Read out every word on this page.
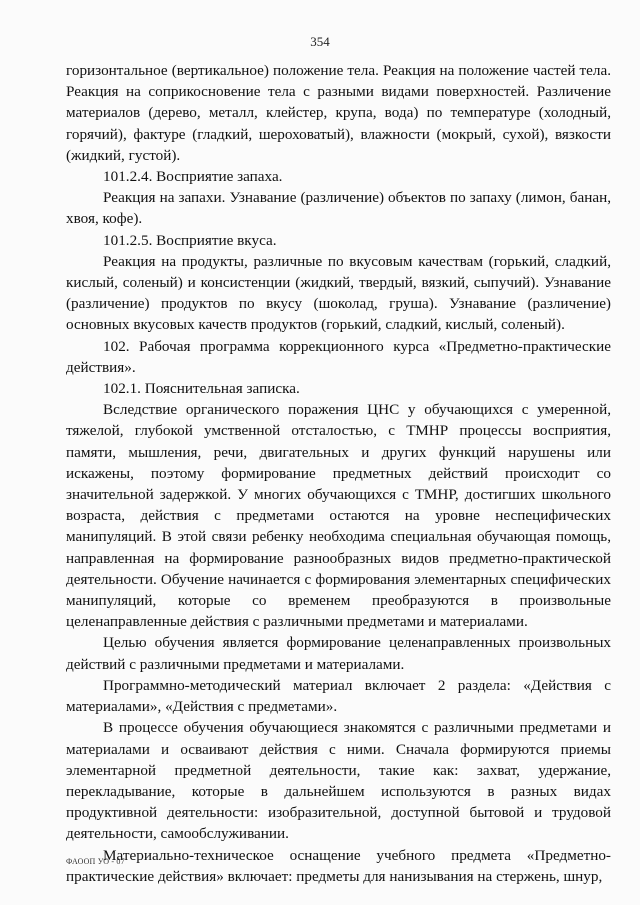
354

горизонтальное (вертикальное) положение тела. Реакция на положение частей тела. Реакция на соприкосновение тела с разными видами поверхностей. Различение материалов (дерево, металл, клейстер, крупа, вода) по температуре (холодный, горячий), фактуре (гладкий, шероховатый), влажности (мокрый, сухой), вязкости (жидкий, густой).

101.2.4. Восприятие запаха.

Реакция на запахи. Узнавание (различение) объектов по запаху (лимон, банан, хвоя, кофе).

101.2.5. Восприятие вкуса.

Реакция на продукты, различные по вкусовым качествам (горький, сладкий, кислый, соленый) и консистенции (жидкий, твердый, вязкий, сыпучий). Узнавание (различение) продуктов по вкусу (шоколад, груша). Узнавание (различение) основных вкусовых качеств продуктов (горький, сладкий, кислый, соленый).

102. Рабочая программа коррекционного курса «Предметно-практические действия».

102.1. Пояснительная записка.

Вследствие органического поражения ЦНС у обучающихся с умеренной, тяжелой, глубокой умственной отсталостью, с ТМНР процессы восприятия, памяти, мышления, речи, двигательных и других функций нарушены или искажены, поэтому формирование предметных действий происходит со значительной задержкой. У многих обучающихся с ТМНР, достигших школьного возраста, действия с предметами остаются на уровне неспецифических манипуляций. В этой связи ребенку необходима специальная обучающая помощь, направленная на формирование разнообразных видов предметно-практической деятельности. Обучение начинается с формирования элементарных специфических манипуляций, которые со временем преобразуются в произвольные целенаправленные действия с различными предметами и материалами.

Целью обучения является формирование целенаправленных произвольных действий с различными предметами и материалами.

Программно-методический материал включает 2 раздела: «Действия с материалами», «Действия с предметами».

В процессе обучения обучающиеся знакомятся с различными предметами и материалами и осваивают действия с ними. Сначала формируются приемы элементарной предметной деятельности, такие как: захват, удержание, перекладывание, которые в дальнейшем используются в разных видах продуктивной деятельности: изобразительной, доступной бытовой и трудовой деятельности, самообслуживании.

Материально-техническое оснащение учебного предмета «Предметно-практические действия» включает: предметы для нанизывания на стержень, шнур,

ФАООП УО - 07
